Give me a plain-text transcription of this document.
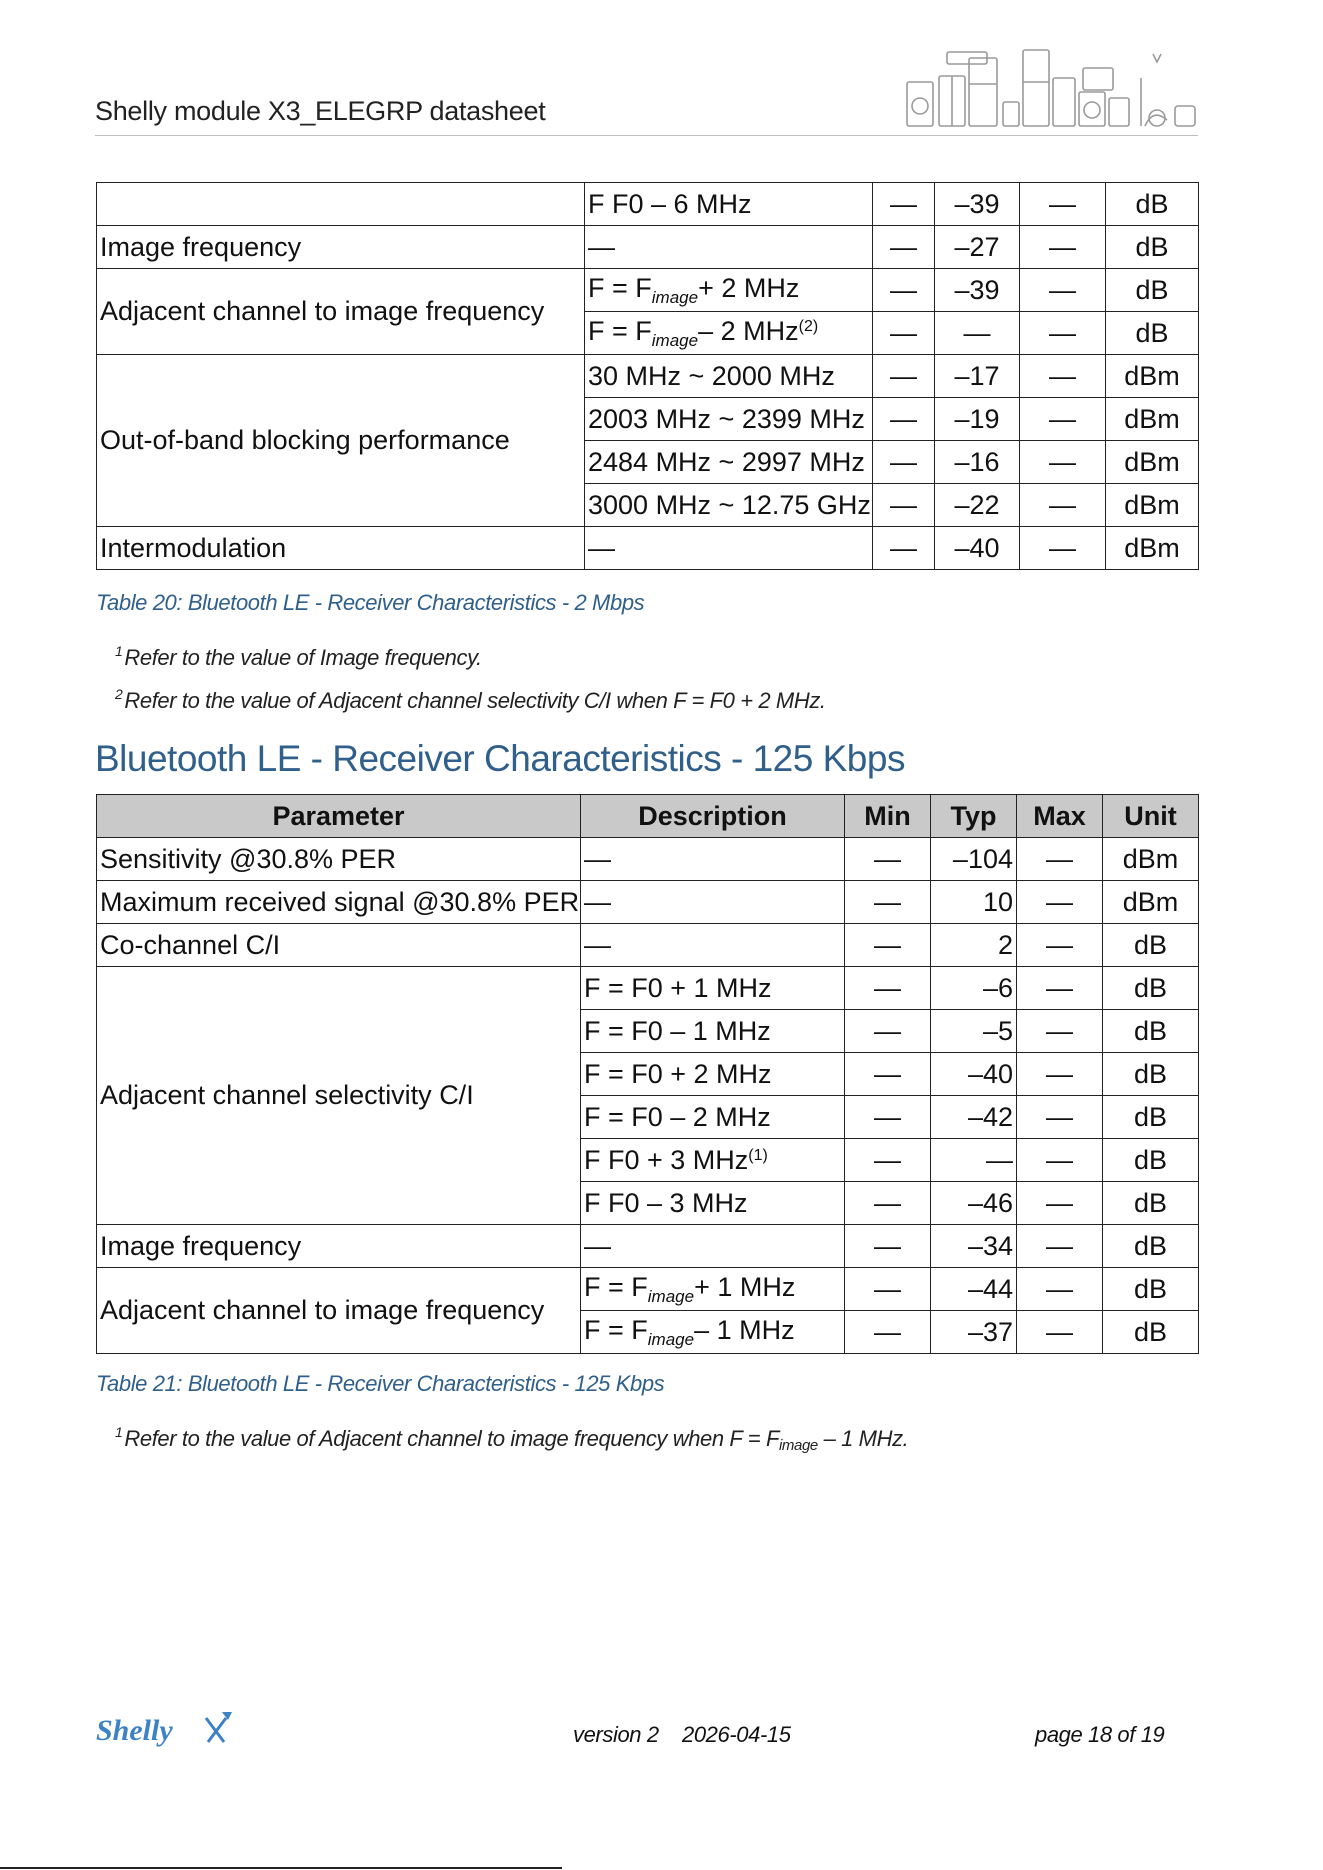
Shelly module X3_ELEGRP datasheet
	F F0 – 6 MHz	—	–39	—	dB
Image frequency	—	—	–27	—	dB
Adjacent channel to image frequency	$F = F_{image}+ 2$ MHz	—	–39	—	dB
	$F = F_{image}-$ 2 MHz$^{(2)}$	—	—	—	dB
Out-of-band blocking performance	30 MHz ~ 2000 MHz	—	–17	—	dBm
	2003 MHz ~ 2399 MHz	—	–19	—	dBm
	2484 MHz ~ 2997 MHz	—	–16	—	dBm
	3000 MHz ~ 12.75 GHz	—	–22	—	dBm
Intermodulation	—	—	–40	—	dBm
Table 20: Bluetooth LE - Receiver Characteristics - 2 Mbps
$^1$Refer to the value of Image frequency.
$^2$Refer to the value of Adjacent channel selectivity C/I when F = F0 + 2 MHz.
Bluetooth LE - Receiver Characteristics - 125 Kbps
Parameter	Description	Min	Typ	Max	Unit
Sensitivity @30.8% PER	—	—	–104	—	dBm
Maximum received signal @30.8% PER	—	—	10	—	dBm
Co-channel C/I	—	—	2	—	dB
Adjacent channel selectivity C/I	F = F0 + 1 MHz	—	–6	—	dB
	F = F0 – 1 MHz	—	–5	—	dB
	F = F0 + 2 MHz	—	–40	—	dB
	F = F0 – 2 MHz	—	–42	—	dB
	F F0 + 3 MHz$^{(1)}$	—	—	—	dB
	F F0 – 3 MHz	—	–46	—	dB
Image frequency	—	—	–34	—	dB
Adjacent channel to image frequency	$F = F_{image}+ 1$ MHz	—	–44	—	dB
	$F = F_{image}-$ 1 MHz	—	–37	—	dB
Table 21: Bluetooth LE - Receiver Characteristics - 125 Kbps
$^1$Refer to the value of Adjacent channel to image frequency when $F = F_{image} - 1$ MHz.
Shelly	version 2 2026-04-15	page 18 of 19
